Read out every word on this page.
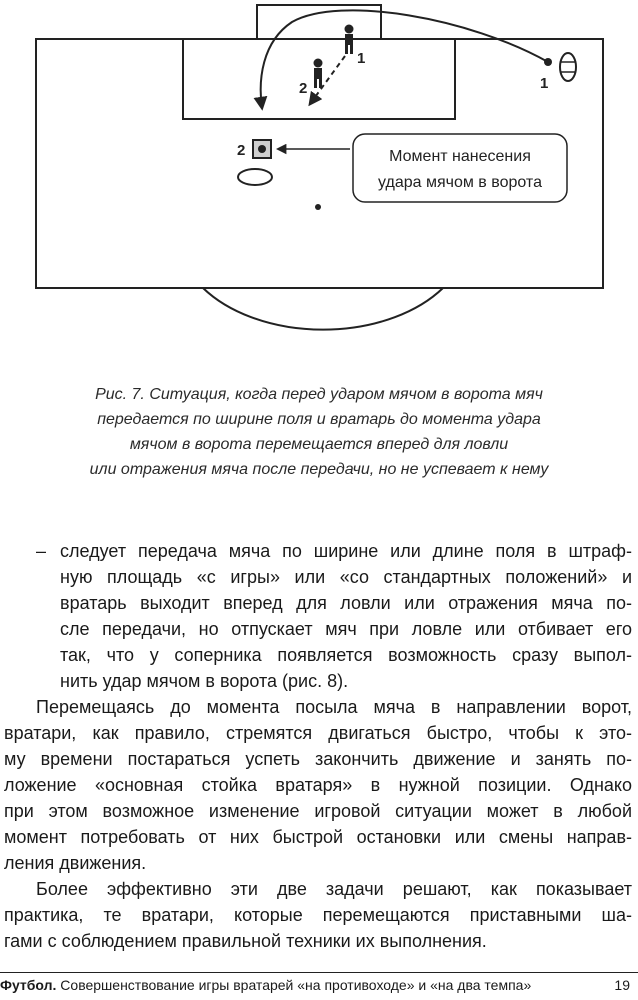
1
2	1
2	Момент нанесения
удара мячом в ворота
Рис. 7. Ситуация, когда перед ударом мячом в ворота мяч
передается по ширине поля и вратарь до момента удара
мячом в ворота перемещается вперед для ловли
или отражения мяча после передачи, но не успевает к нему
– следует передача мяча по ширине или длине поля в штраф-
ную площадь «с игры» или «со стандартных положений» и
вратарь выходит вперед для ловли или отражения мяча по-
сле передачи, но отпускает мяч при ловле или отбивает его
так, что у соперника появляется возможность сразу выпол-
нить удар мячом в ворота (рис. 8).
Перемещаясь до момента посыла мяча в направлении ворот,
вратари, как правило, стремятся двигаться быстро, чтобы к это-
му времени постараться успеть закончить движение и занять по-
ложение «основная стойка вратаря» в нужной позиции. Однако
при этом возможное изменение игровой ситуации может в любой
момент потребовать от них быстрой остановки или смены направ-
ления движения.
Более эффективно эти две задачи решают, как показывает
практика, те вратари, которые перемещаются приставными ша-
гами с соблюдением правильной техники их выполнения.
Футбол. Совершенствование игры вратарей «на противоходе» и «на два темпа»	19
